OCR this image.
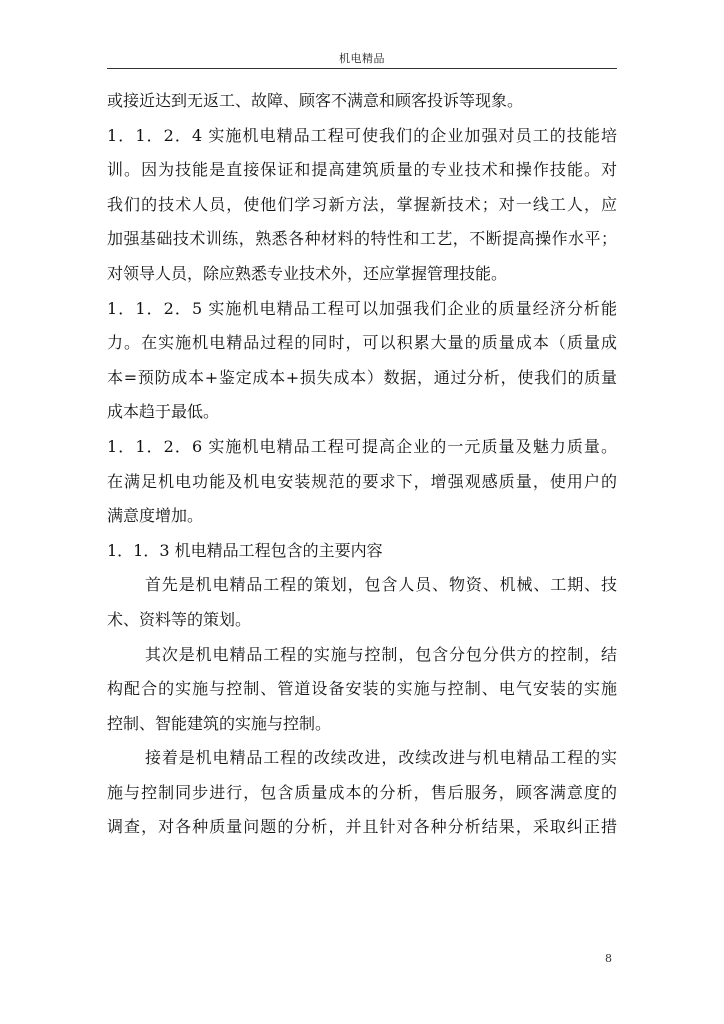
机电精品
或接近达到无返工、故障、顾客不满意和顾客投诉等现象。
1．1．2．4 实施机电精品工程可使我们的企业加强对员工的技能培
训。因为技能是直接保证和提高建筑质量的专业技术和操作技能。对
我们的技术人员，使他们学习新方法，掌握新技术；对一线工人，应
加强基础技术训练，熟悉各种材料的特性和工艺，不断提高操作水平；
对领导人员，除应熟悉专业技术外，还应掌握管理技能。
1．1．2．5 实施机电精品工程可以加强我们企业的质量经济分析能
力。在实施机电精品过程的同时，可以积累大量的质量成本（质量成
本=预防成本+鉴定成本+损失成本）数据，通过分析，使我们的质量
成本趋于最低。
1．1．2．6 实施机电精品工程可提高企业的一元质量及魅力质量。
在满足机电功能及机电安装规范的要求下，增强观感质量，使用户的
满意度增加。
1．1．3 机电精品工程包含的主要内容
首先是机电精品工程的策划，包含人员、物资、机械、工期、技
术、资料等的策划。
其次是机电精品工程的实施与控制，包含分包分供方的控制，结
构配合的实施与控制、管道设备安装的实施与控制、电气安装的实施
控制、智能建筑的实施与控制。
接着是机电精品工程的改续改进，改续改进与机电精品工程的实
施与控制同步进行，包含质量成本的分析，售后服务，顾客满意度的
调查，对各种质量问题的分析，并且针对各种分析结果，采取纠正措
8
